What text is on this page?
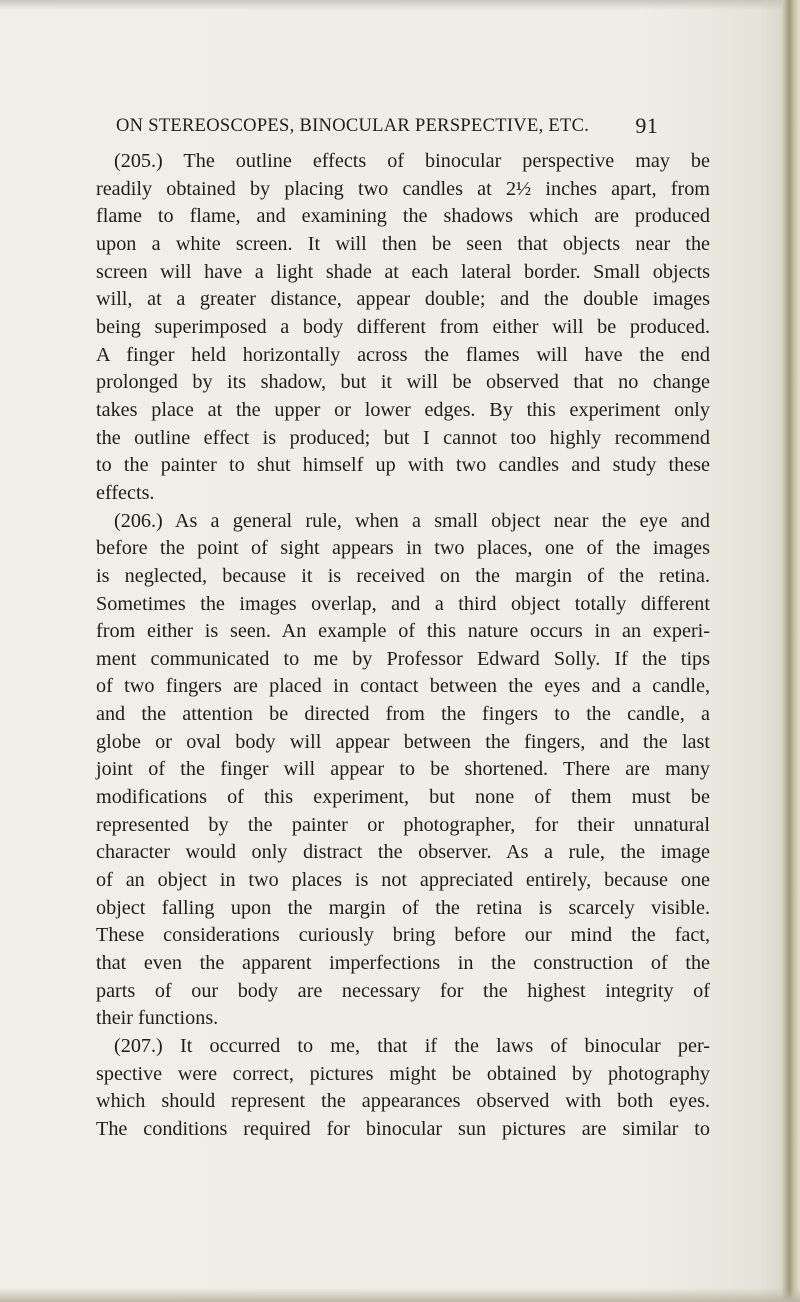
ON STEREOSCOPES, BINOCULAR PERSPECTIVE, ETC. 91
(205.) The outline effects of binocular perspective may be
readily obtained by placing two candles at 2½ inches apart, from
flame to flame, and examining the shadows which are produced
upon a white screen. It will then be seen that objects near the
screen will have a light shade at each lateral border. Small objects
will, at a greater distance, appear double; and the double images
being superimposed a body different from either will be produced.
A finger held horizontally across the flames will have the end
prolonged by its shadow, but it will be observed that no change
takes place at the upper or lower edges. By this experiment only
the outline effect is produced; but I cannot too highly recommend
to the painter to shut himself up with two candles and study these
effects.
(206.) As a general rule, when a small object near the eye and
before the point of sight appears in two places, one of the images
is neglected, because it is received on the margin of the retina.
Sometimes the images overlap, and a third object totally different
from either is seen. An example of this nature occurs in an experi-
ment communicated to me by Professor Edward Solly. If the tips
of two fingers are placed in contact between the eyes and a candle,
and the attention be directed from the fingers to the candle, a
globe or oval body will appear between the fingers, and the last
joint of the finger will appear to be shortened. There are many
modifications of this experiment, but none of them must be
represented by the painter or photographer, for their unnatural
character would only distract the observer. As a rule, the image
of an object in two places is not appreciated entirely, because one
object falling upon the margin of the retina is scarcely visible.
These considerations curiously bring before our mind the fact,
that even the apparent imperfections in the construction of the
parts of our body are necessary for the highest integrity of
their functions.
(207.) It occurred to me, that if the laws of binocular per-
spective were correct, pictures might be obtained by photography
which should represent the appearances observed with both eyes.
The conditions required for binocular sun pictures are similar to
